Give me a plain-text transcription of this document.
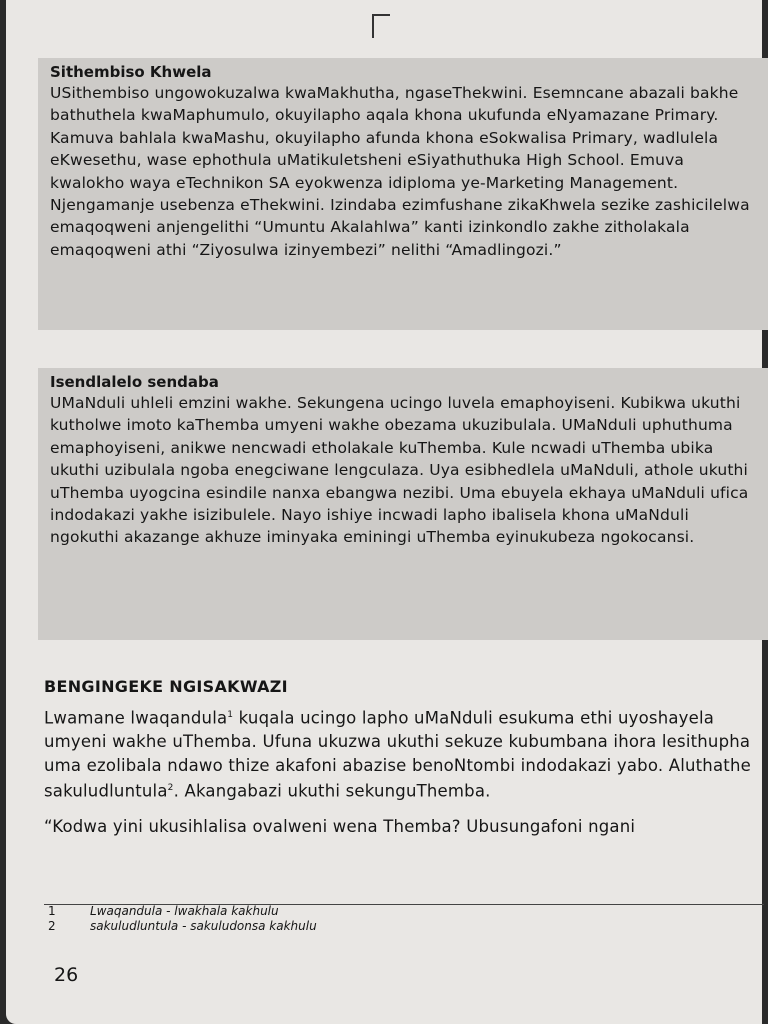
Sithembiso Khwela

USithembiso ungowokuzalwa kwaMakhutha, ngaseThekwini. Esemncane abazali bakhe bathuthela kwaMaphumulo, okuyilapho aqala khona ukufunda eNyamazane Primary. Kamuva bahlala kwaMashu, okuyilapho afunda khona eSokwalisa Primary, wadlulela eKwesethu, wase ephothula uMatikuletsheni eSiyathuthuka High School. Emuva kwalokho waya eTechnikon SA eyokwenza idiploma ye-Marketing Management. Njengamanje usebenza eThekwini. Izindaba ezimfushane zikaKhwela sezike zashicilelwa emaqoqweni anjengelithi “Umuntu Akalahlwa” kanti izinkondlo zakhe zitholakala emaqoqweni athi “Ziyosulwa izinyembezi” nelithi “Amadlingozi.”

Isendlalelo sendaba

UMaNduli uhleli emzini wakhe. Sekungena ucingo luvela emaphoyiseni. Kubikwa ukuthi kutholwe imoto kaThemba umyeni wakhe obezama ukuzibulala. UMaNduli uphuthuma emaphoyiseni, anikwe nencwadi etholakale kuThemba. Kule ncwadi uThemba ubika ukuthi uzibulala ngoba enegciwane lengculaza. Uya esibhedlela uMaNduli, athole ukuthi uThemba uyogcina esindile nanxa ebangwa nezibi. Uma ebuyela ekhaya uMaNduli ufica indodakazi yakhe isizibulele. Nayo ishiye incwadi lapho ibalisela khona uMaNduli ngokuthi akazange akhuze iminyaka eminingi uThemba eyinukubeza ngokocansi.

BENGINGEKE NGISAKWAZI

Lwamane lwaqandula$^1$ kuqala ucingo lapho uMaNduli esukuma ethi uyoshayela umyeni wakhe uThemba. Ufuna ukuzwa ukuthi sekuze kubumbana ihora lesithupha uma ezolibala ndawo thize akafoni abazise benoNtombi indodakazi yabo. Aluthathe sakuludluntula$^2$. Akangabazi ukuthi sekunguThemba.

“Kodwa yini ukusihlalisa ovalweni wena Themba? Ubusungafoni ngani

1	Lwaqandula - lwakhala kakhulu
2	sakuludluntula - sakuludonsa kakhulu
26
